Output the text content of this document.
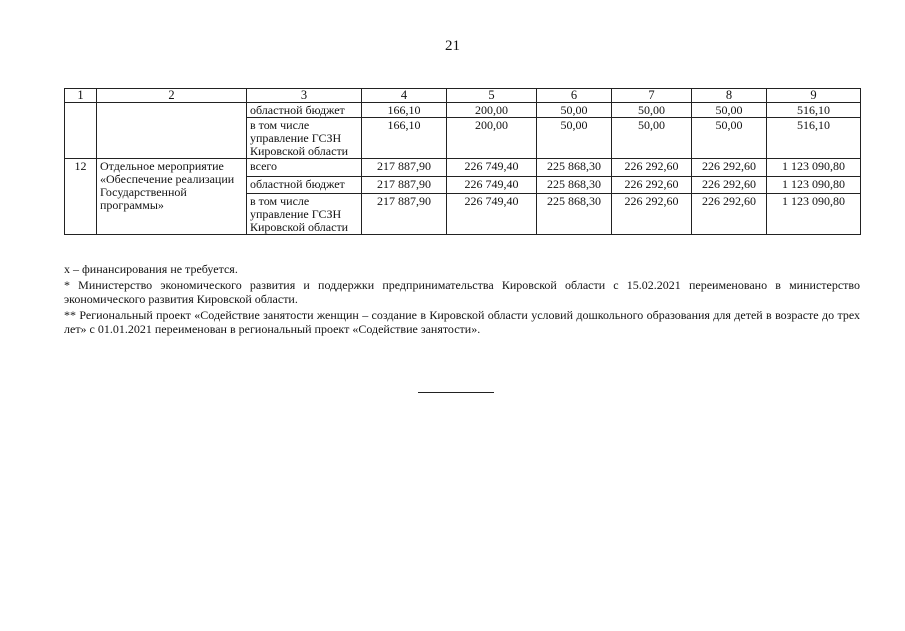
21
1	2	3	4	5	6	7	8	9
		областной бюджет	166,10	200,00	50,00	50,00	50,00	516,10
		в том числе управление ГСЗН Кировской области	166,10	200,00	50,00	50,00	50,00	516,10
12	Отдельное мероприятие «Обеспечение реализации Государственной программы»	всего	217 887,90	226 749,40	225 868,30	226 292,60	226 292,60	1 123 090,80
		областной бюджет	217 887,90	226 749,40	225 868,30	226 292,60	226 292,60	1 123 090,80
		в том числе управление ГСЗН Кировской области	217 887,90	226 749,40	225 868,30	226 292,60	226 292,60	1 123 090,80

х – финансирования не требуется.

* Министерство экономического развития и поддержки предпринимательства Кировской области с 15.02.2021 переименовано в министерство экономического развития Кировской области.

** Региональный проект «Содействие занятости женщин – создание в Кировской области условий дошкольного образования для детей в возрасте до трех лет» с 01.01.2021 переименован в региональный проект «Содействие занятости».
